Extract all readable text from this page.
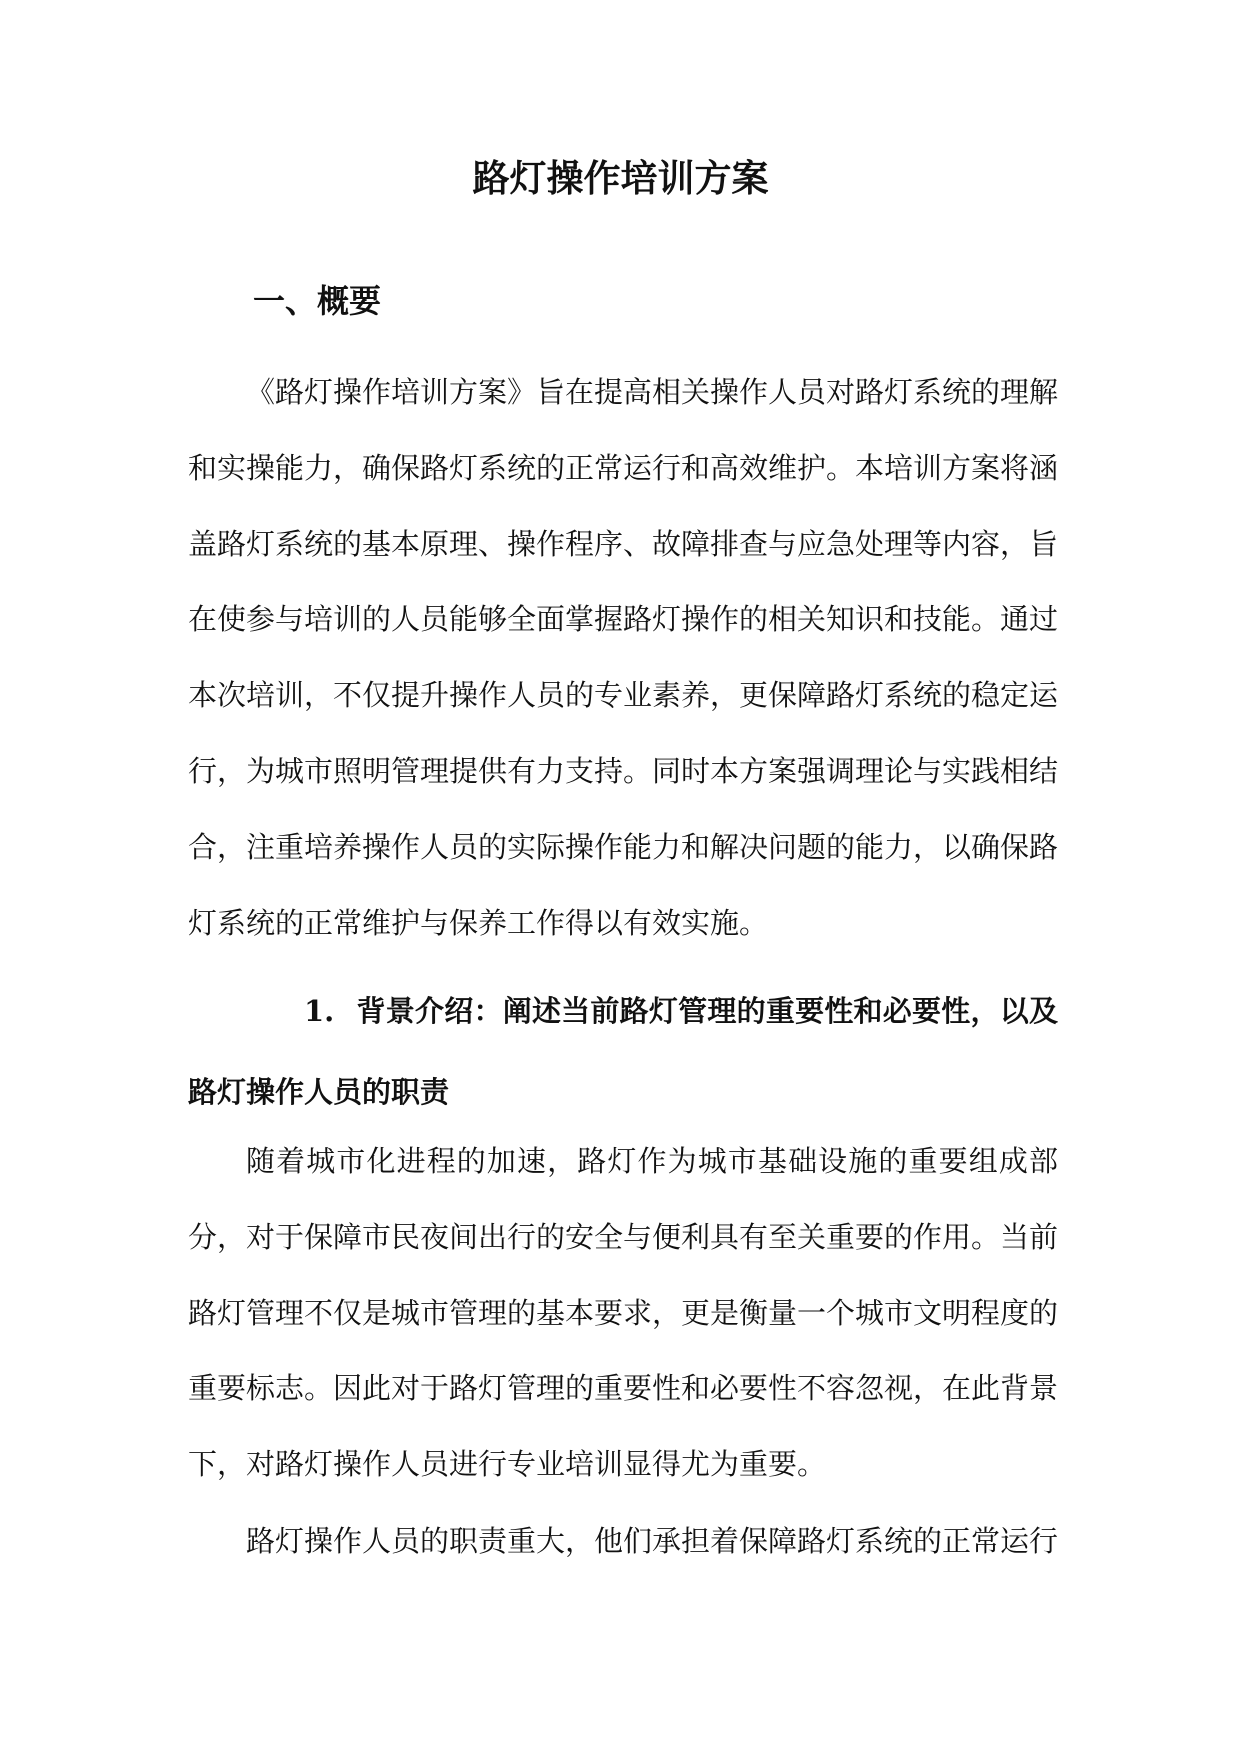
路灯操作培训方案
一、概要

《路灯操作培训方案》旨在提高相关操作人员对路灯系统的理解和实操能力，确保路灯系统的正常运行和高效维护。本培训方案将涵盖路灯系统的基本原理、操作程序、故障排查与应急处理等内容，旨在使参与培训的人员能够全面掌握路灯操作的相关知识和技能。通过本次培训，不仅提升操作人员的专业素养，更保障路灯系统的稳定运行，为城市照明管理提供有力支持。同时本方案强调理论与实践相结合，注重培养操作人员的实际操作能力和解决问题的能力，以确保路灯系统的正常维护与保养工作得以有效实施。

1. 背景介绍：阐述当前路灯管理的重要性和必要性，以及路灯操作人员的职责

随着城市化进程的加速，路灯作为城市基础设施的重要组成部分，对于保障市民夜间出行的安全与便利具有至关重要的作用。当前路灯管理不仅是城市管理的基本要求，更是衡量一个城市文明程度的重要标志。因此对于路灯管理的重要性和必要性不容忽视，在此背景下，对路灯操作人员进行专业培训显得尤为重要。

路灯操作人员的职责重大，他们承担着保障路灯系统的正常运行
